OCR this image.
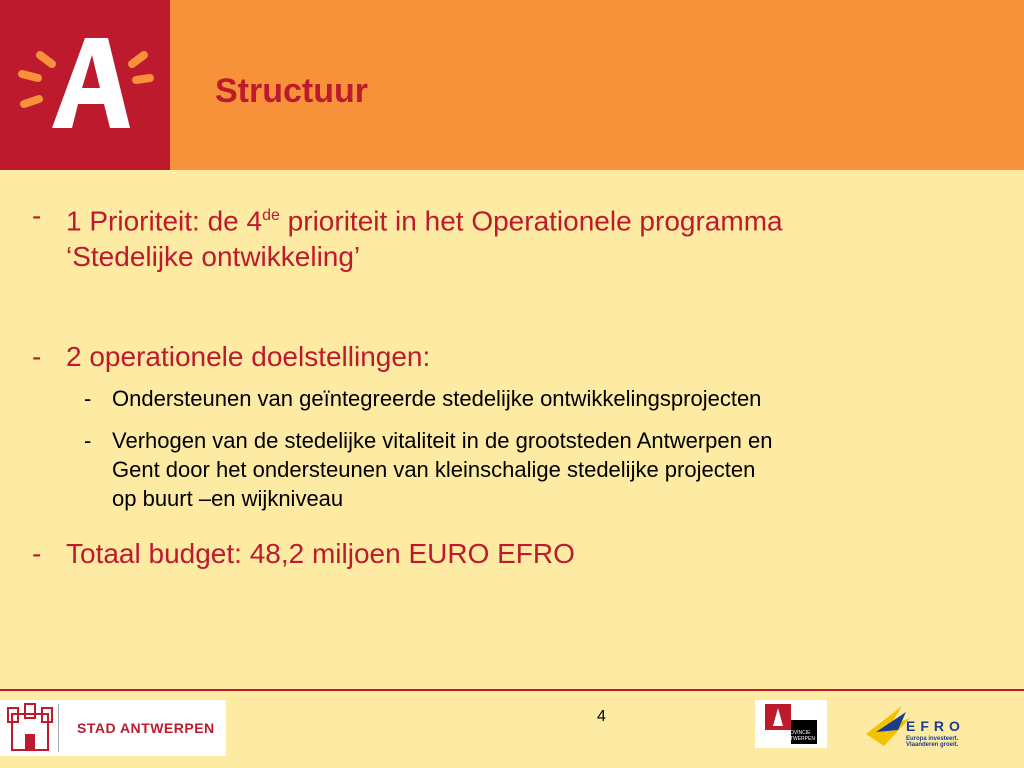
Structuur
- 1 Prioriteit: de 4de prioriteit in het Operationele programma
‘Stedelijke ontwikkeling’
- 2 operationele doelstellingen:
- Ondersteunen van geïntegreerde stedelijke ontwikkelingsprojecten
- Verhogen van de stedelijke vitaliteit in de grootsteden Antwerpen en
Gent door het ondersteunen van kleinschalige stedelijke projecten
op buurt –en wijkniveau
- Totaal budget: 48,2 miljoen EURO EFRO
STAD ANTWERPEN
4
PROVINCIE ANTWERPEN
EFRO
Europa investeert.
Vlaanderen groeit.
